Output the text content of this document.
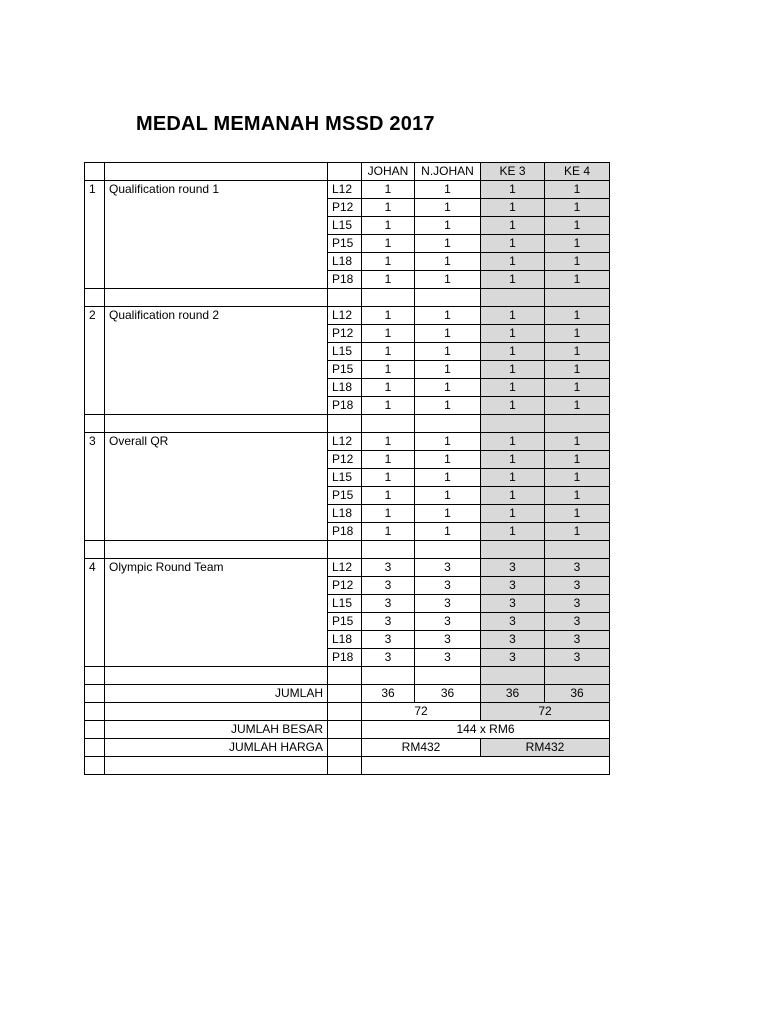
MEDAL MEMANAH MSSD 2017
			JOHAN	N.JOHAN	KE 3	KE 4
1	Qualification round 1	L12	1	1	1	1
		P12	1	1	1	1
		L15	1	1	1	1
		P15	1	1	1	1
		L18	1	1	1	1
		P18	1	1	1	1

2	Qualification round 2	L12	1	1	1	1
		P12	1	1	1	1
		L15	1	1	1	1
		P15	1	1	1	1
		L18	1	1	1	1
		P18	1	1	1	1

3	Overall QR	L12	1	1	1	1
		P12	1	1	1	1
		L15	1	1	1	1
		P15	1	1	1	1
		L18	1	1	1	1
		P18	1	1	1	1

4	Olympic Round Team	L12	3	3	3	3
		P12	3	3	3	3
		L15	3	3	3	3
		P15	3	3	3	3
		L18	3	3	3	3
		P18	3	3	3	3

	JUMLAH		36	36	36	36
			72		72	
	JUMLAH BESAR		144 x RM6			
	JUMLAH HARGA		RM432		RM432	
